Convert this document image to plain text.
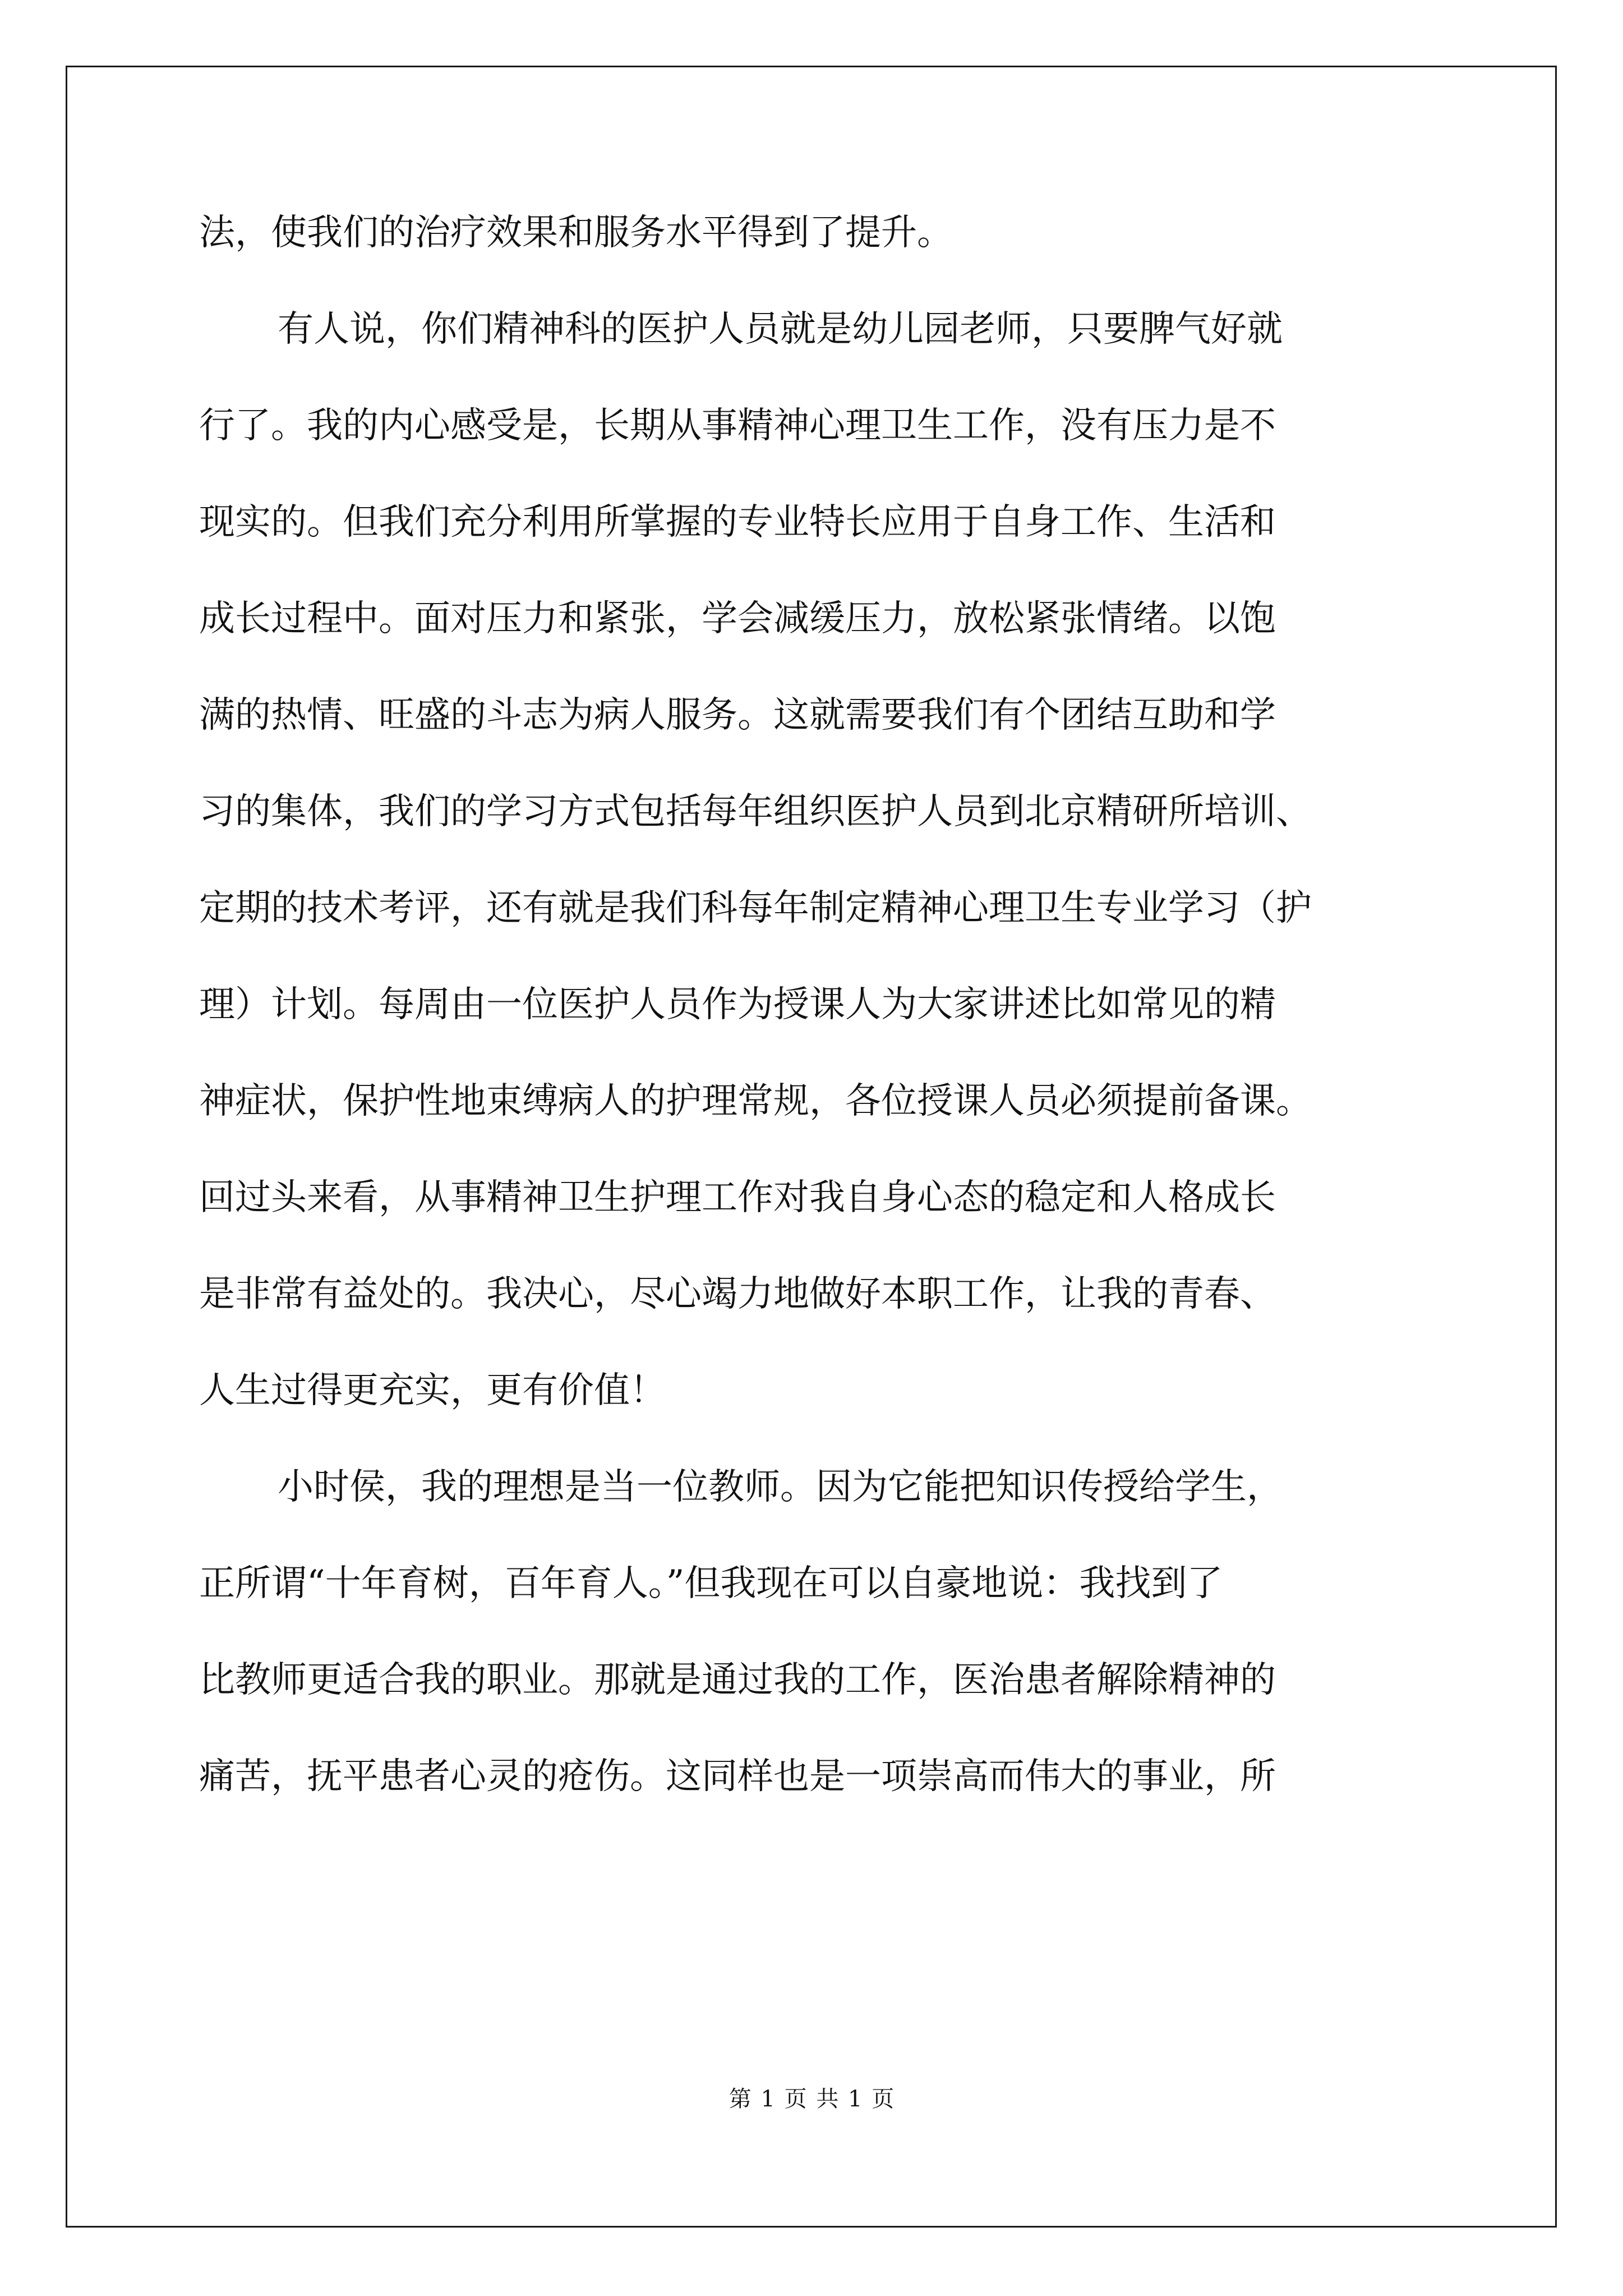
法，使我们的治疗效果和服务水平得到了提升。
有人说，你们精神科的医护人员就是幼儿园老师，只要脾气好就
行了。我的内心感受是，长期从事精神心理卫生工作，没有压力是不
现实的。但我们充分利用所掌握的专业特长应用于自身工作、生活和
成长过程中。面对压力和紧张，学会减缓压力，放松紧张情绪。以饱
满的热情、旺盛的斗志为病人服务。这就需要我们有个团结互助和学
习的集体，我们的学习方式包括每年组织医护人员到北京精研所培训、
定期的技术考评，还有就是我们科每年制定精神心理卫生专业学习（护
理）计划。每周由一位医护人员作为授课人为大家讲述比如常见的精
神症状，保护性地束缚病人的护理常规，各位授课人员必须提前备课。
回过头来看，从事精神卫生护理工作对我自身心态的稳定和人格成长
是非常有益处的。我决心，尽心竭力地做好本职工作，让我的青春、
人生过得更充实，更有价值！
小时侯，我的理想是当一位教师。因为它能把知识传授给学生，
正所谓“十年育树，百年育人。”但我现在可以自豪地说：我找到了
比教师更适合我的职业。那就是通过我的工作，医治患者解除精神的
痛苦，抚平患者心灵的疮伤。这同样也是一项崇高而伟大的事业，所
第 1 页 共 1 页
